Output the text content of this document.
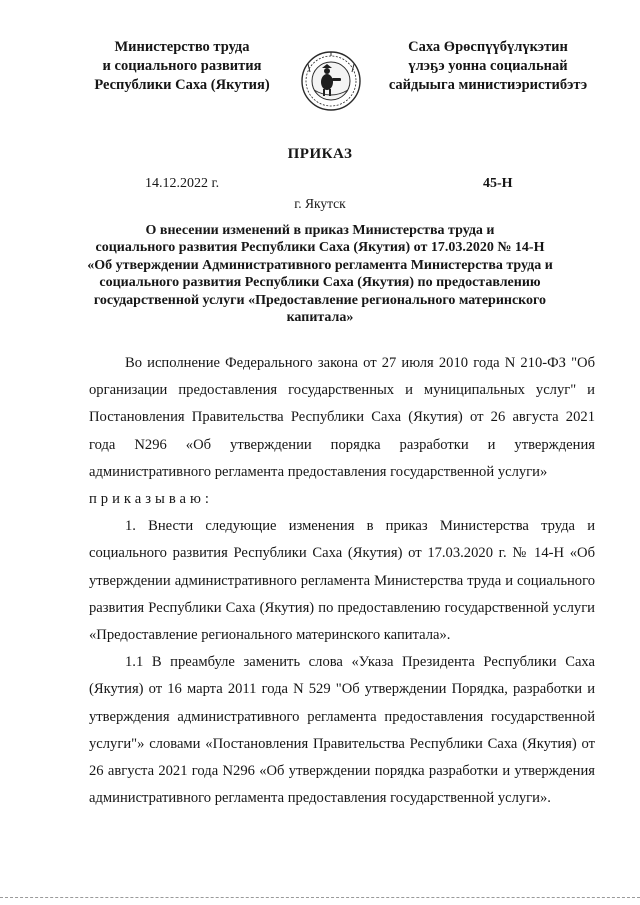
Министерство труда
и социального развития
Республики Саха (Якутия)
Саха Өрөспүүбүлүкэтин
үлэҕэ уонна социальнай
сайдыыга министиэристибэтэ
ПРИКАЗ
14.12.2022 г.	45-Н
г. Якутск
О внесении изменений в приказ Министерства труда и
социального развития Республики Саха (Якутия) от 17.03.2020 № 14-Н
«Об утверждении Административного регламента Министерства труда и
социального развития Республики Саха (Якутия) по предоставлению
государственной услуги «Предоставление регионального материнского
капитала»

Во исполнение Федерального закона от 27 июля 2010 года N 210-ФЗ "Об организации предоставления государственных и муниципальных услуг" и Постановления Правительства Республики Саха (Якутия) от 26 августа 2021 года N296 «Об утверждении порядка разработки и утверждения административного регламента предоставления государственной услуги»

приказываю:

1. Внести следующие изменения в приказ Министерства труда и социального развития Республики Саха (Якутия) от 17.03.2020 г. № 14-Н «Об утверждении административного регламента Министерства труда и социального развития Республики Саха (Якутия) по предоставлению государственной услуги «Предоставление регионального материнского капитала».

1.1 В преамбуле заменить слова «Указа Президента Республики Саха (Якутия) от 16 марта 2011 года N 529 "Об утверждении Порядка, разработки и утверждения административного регламента предоставления государственной услуги"» словами «Постановления Правительства Республики Саха (Якутия) от 26 августа 2021 года N296 «Об утверждении порядка разработки и утверждения административного регламента предоставления государственной услуги».
